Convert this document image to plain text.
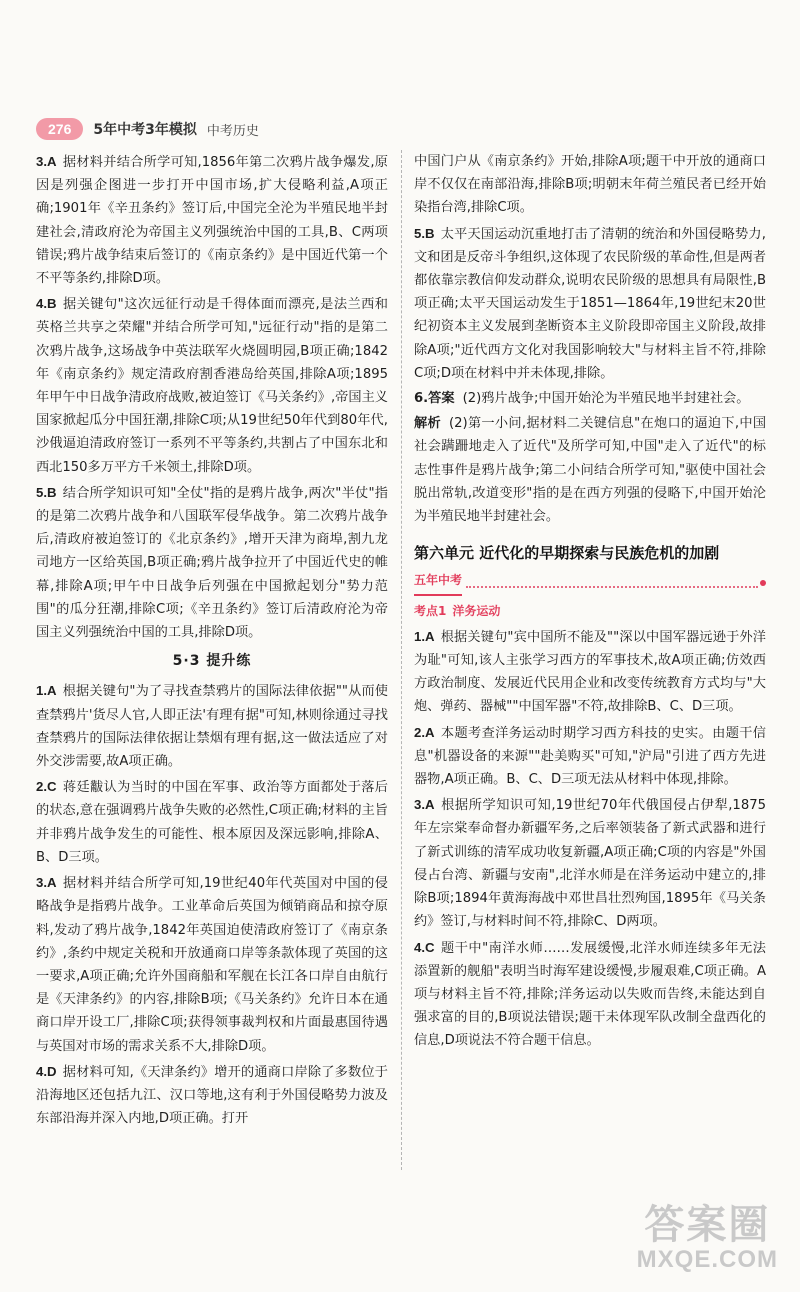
276	5年中考3年模拟 中考历史

3.A 据材料并结合所学可知,1856年第二次鸦片战争爆发,原因是列强企图进一步打开中国市场,扩大侵略利益,A项正确;1901年《辛丑条约》签订后,中国完全沦为半殖民地半封建社会,清政府沦为帝国主义列强统治中国的工具,B、C两项错误;鸦片战争结束后签订的《南京条约》是中国近代第一个不平等条约,排除D项。

4.B 据关键句"这次远征行动是千得体面而漂亮,是法兰西和英格兰共享之荣耀"并结合所学可知,"远征行动"指的是第二次鸦片战争,这场战争中英法联军火烧圆明园,B项正确;1842年《南京条约》规定清政府割香港岛给英国,排除A项;1895年甲午中日战争清政府战败,被迫签订《马关条约》,帝国主义国家掀起瓜分中国狂潮,排除C项;从19世纪50年代到80年代,沙俄逼迫清政府签订一系列不平等条约,共割占了中国东北和西北150多万平方千米领土,排除D项。

5.B 结合所学知识可知"全仗"指的是鸦片战争,两次"半仗"指的是第二次鸦片战争和八国联军侵华战争。第二次鸦片战争后,清政府被迫签订的《北京条约》,增开天津为商埠,割九龙司地方一区给英国,B项正确;鸦片战争拉开了中国近代史的帷幕,排除A项;甲午中日战争后列强在中国掀起划分"势力范围"的瓜分狂潮,排除C项;《辛丑条约》签订后清政府沦为帝国主义列强统治中国的工具,排除D项。

5·3 提升练

1.A 根据关键句"为了寻找查禁鸦片的国际法律依据""从而使查禁鸦片'货尽人官,人即正法'有理有据"可知,林则徐通过寻找查禁鸦片的国际法律依据让禁烟有理有据,这一做法适应了对外交涉需要,故A项正确。

2.C 蒋廷黻认为当时的中国在军事、政治等方面都处于落后的状态,意在强调鸦片战争失败的必然性,C项正确;材料的主旨并非鸦片战争发生的可能性、根本原因及深远影响,排除A、B、D三项。

3.A 据材料并结合所学可知,19世纪40年代英国对中国的侵略战争是指鸦片战争。工业革命后英国为倾销商品和掠夺原料,发动了鸦片战争,1842年英国迫使清政府签订了《南京条约》,条约中规定关税和开放通商口岸等条款体现了英国的这一要求,A项正确;允许外国商船和军舰在长江各口岸自由航行是《天津条约》的内容,排除B项;《马关条约》允许日本在通商口岸开设工厂,排除C项;获得领事裁判权和片面最惠国待遇与英国对市场的需求关系不大,排除D项。

4.D 据材料可知,《天津条约》增开的通商口岸除了多数位于沿海地区还包括九江、汉口等地,这有利于外国侵略势力波及东部沿海并深入内地,D项正确。打开

中国门户从《南京条约》开始,排除A项;题干中开放的通商口岸不仅仅在南部沿海,排除B项;明朝末年荷兰殖民者已经开始染指台湾,排除C项。

5.B 太平天国运动沉重地打击了清朝的统治和外国侵略势力,文和团是反帝斗争组织,这体现了农民阶级的革命性,但是两者都依靠宗教信仰发动群众,说明农民阶级的思想具有局限性,B项正确;太平天国运动发生于1851—1864年,19世纪末20世纪初资本主义发展到垄断资本主义阶段即帝国主义阶段,故排除A项;"近代西方文化对我国影响较大"与材料主旨不符,排除C项;D项在材料中并未体现,排除。

6.答案 (2)鸦片战争;中国开始沦为半殖民地半封建社会。

解析 (2)第一小问,据材料二关键信息"在炮口的逼迫下,中国社会蹒跚地走入了近代"及所学可知,中国"走入了近代"的标志性事件是鸦片战争;第二小问结合所学可知,"驱使中国社会脱出常轨,改道变形"指的是在西方列强的侵略下,中国开始沦为半殖民地半封建社会。

第六单元 近代化的早期探索与民族危机的加剧
五年中考
考点1 洋务运动

1.A 根据关键句"宾中国所不能及""深以中国军器远逊于外洋为耻"可知,该人主张学习西方的军事技术,故A项正确;仿效西方政治制度、发展近代民用企业和改变传统教育方式均与"大炮、弹药、器械""中国军器"不符,故排除B、C、D三项。

2.A 本题考查洋务运动时期学习西方科技的史实。由题干信息"机器设备的来源""赴美购买"可知,"沪局"引进了西方先进器物,A项正确。B、C、D三项无法从材料中体现,排除。

3.A 根据所学知识可知,19世纪70年代俄国侵占伊犁,1875年左宗棠奉命督办新疆军务,之后率领装备了新式武器和进行了新式训练的清军成功收复新疆,A项正确;C项的内容是"外国侵占台湾、新疆与安南",北洋水师是在洋务运动中建立的,排除B项;1894年黄海海战中邓世昌壮烈殉国,1895年《马关条约》签订,与材料时间不符,排除C、D两项。

4.C 题干中"南洋水师……发展缓慢,北洋水师连续多年无法添置新的舰船"表明当时海军建设缓慢,步履艰难,C项正确。A项与材料主旨不符,排除;洋务运动以失败而告终,未能达到自强求富的目的,B项说法错误;题干未体现军队改制全盘西化的信息,D项说法不符合题干信息。

答案圈
MXQE.COM
